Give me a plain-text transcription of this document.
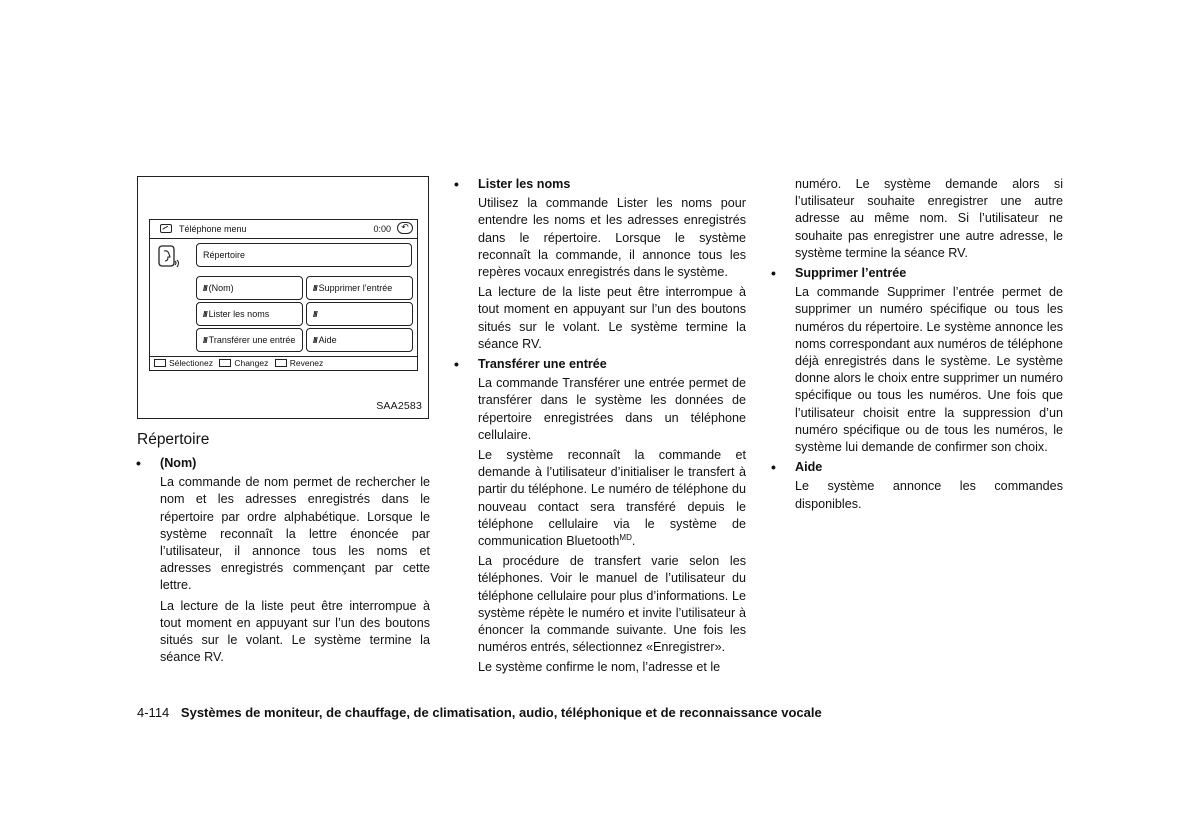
Téléphone menu	0:00	↶
Répertoire
/// (Nom)	/// Supprimer l’entrée
/// Lister les noms	///
/// Transférer une entrée	/// Aide
Sélectionez	Changez	Revenez
SAA2583
Répertoire
• (Nom)

La commande de nom permet de rechercher le nom et les adresses enregistrés dans le répertoire par ordre alphabétique. Lorsque le système reconnaît la lettre énoncée par l’utilisateur, il annonce tous les noms et adresses enregistrés commençant par cette lettre.

La lecture de la liste peut être interrompue à tout moment en appuyant sur l’un des boutons situés sur le volant. Le système termine la séance RV.

• Lister les noms

Utilisez la commande Lister les noms pour entendre les noms et les adresses enregistrés dans le répertoire. Lorsque le système reconnaît la commande, il annonce tous les repères vocaux enregistrés dans le système.

La lecture de la liste peut être interrompue à tout moment en appuyant sur l’un des boutons situés sur le volant. Le système termine la séance RV.

• Transférer une entrée

La commande Transférer une entrée permet de transférer dans le système les données de répertoire enregistrées dans un téléphone cellulaire.

Le système reconnaît la commande et demande à l’utilisateur d’initialiser le transfert à partir du téléphone. Le numéro de téléphone du nouveau contact sera transféré depuis le téléphone cellulaire via le système de communication Bluetooth$^{MD}$.

La procédure de transfert varie selon les téléphones. Voir le manuel de l’utilisateur du téléphone cellulaire pour plus d’informations. Le système répète le numéro et invite l’utilisateur à énoncer la commande suivante. Une fois les numéros entrés, sélectionnez «Enregistrer».

Le système confirme le nom, l’adresse et le

numéro. Le système demande alors si l’utilisateur souhaite enregistrer une autre adresse au même nom. Si l’utilisateur ne souhaite pas enregistrer une autre adresse, le système termine la séance RV.

• Supprimer l’entrée

La commande Supprimer l’entrée permet de supprimer un numéro spécifique ou tous les numéros du répertoire. Le système annonce les noms correspondant aux numéros de téléphone déjà enregistrés dans le système. Le système donne alors le choix entre supprimer un numéro spécifique ou tous les numéros. Une fois que l’utilisateur choisit entre la suppression d’un numéro spécifique ou de tous les numéros, le système lui demande de confirmer son choix.

• Aide

Le système annonce les commandes disponibles.

4-114 Systèmes de moniteur, de chauffage, de climatisation, audio, téléphonique et de reconnaissance vocale
